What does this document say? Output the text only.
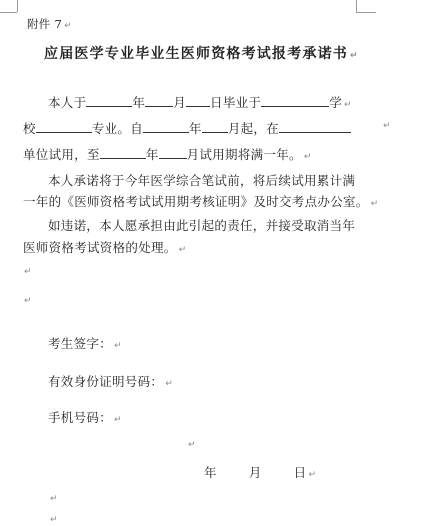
附件 7 ↵
应届医学专业毕业生医师资格考试报考承诺书 ↵
本人于	年 月 日毕业于	学 ↵
校	专业。自	年 月起，在	↵
单位试用，至	年 月试用期将满一年。 ↵
本人承诺将于今年医学综合笔试前，将后续试用累计满
一年的《医师资格考试试用期考核证明》及时交考点办公室。 ↵
如违诺，本人愿承担由此引起的责任，并接受取消当年
医师资格考试资格的处理。 ↵
↵
↵
考生签字： ↵
有效身份证明号码： ↵
手机号码： ↵
↵
年	月	日 ↵
↵
↵
